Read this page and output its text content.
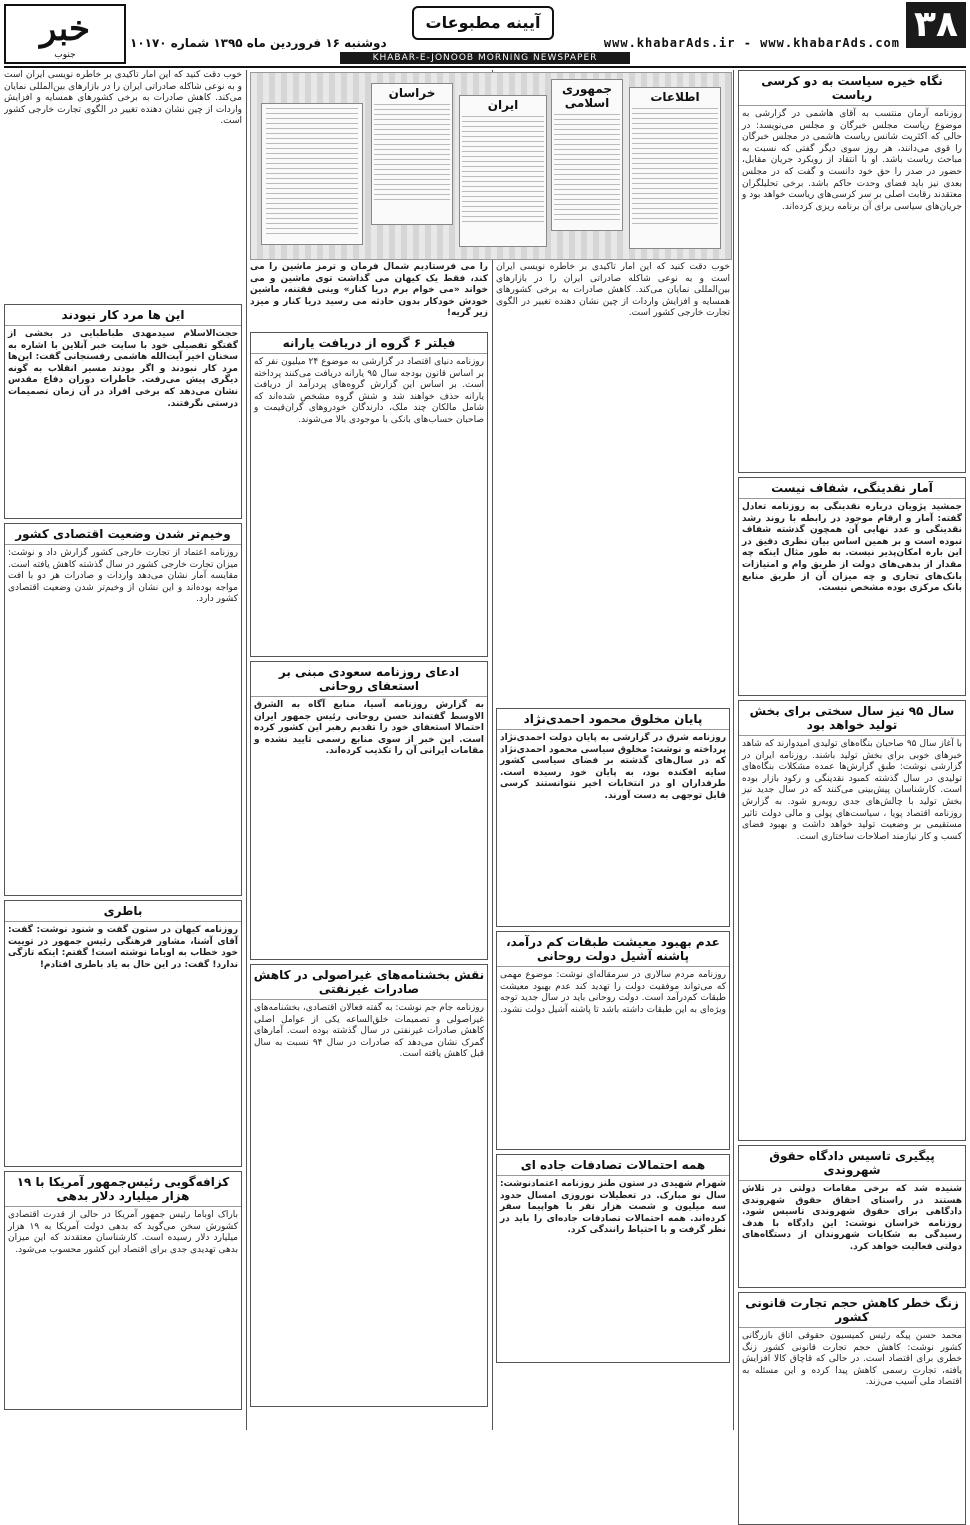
۳۸
www.khabarAds.ir - www.khabarAds.com
آیینه مطبوعات
دوشنبه ۱۶ فروردین ماه ۱۳۹۵ شماره ۱۰۱۷۰
خبر
جنوب	KHABAR-E-JONOOB MORNING NEWSPAPER
نگاه خیره سیاست به دو کرسی ریاست
روزنامه آرمان منتسب به آقای هاشمی در گزارشی به موضوع ریاست مجلس خبرگان و مجلس می‌نویسد: در حالی که اکثریت شانس ریاست هاشمی در مجلس خبرگان را قوی می‌دانند، هر روز سوی دیگر گفتی که نسبت به مباحث ریاست باشد. او با انتقاد از رویکرد جریان مقابل، حضور در صدر را حق خود دانست و گفت که در مجلس بعدی نیز باید فضای وحدت حاکم باشد. برخی تحلیلگران معتقدند رقابت اصلی بر سر کرسی‌های ریاست خواهد بود و جریان‌های سیاسی برای آن برنامه ریزی کرده‌اند.
آمار نقدینگی، شفاف نیست
جمشید پژویان درباره نقدینگی به روزنامه تعادل گفته: آمار و ارقام موجود در رابطه با روند رشد نقدینگی و عدد نهایی آن همچون گذشته شفاف نبوده است و بر همین اساس بیان نظری دقیق در این باره امکان‌پذیر نیست. به طور مثال اینکه چه مقدار از بدهی‌های دولت از طریق وام و امتیازات بانک‌های تجاری و چه میزان آن از طریق منابع بانک مرکزی بوده مشخص نیست.
سال ۹۵ نیز سال سختی برای بخش تولید خواهد بود
با آغاز سال ۹۵ صاحبان بنگاه‌های تولیدی امیدوارند که شاهد خبرهای خوبی برای بخش تولید باشند. روزنامه ایران در گزارشی نوشت: طبق گزارش‌ها عمده مشکلات بنگاه‌های تولیدی در سال گذشته کمبود نقدینگی و رکود بازار بوده است. کارشناسان پیش‌بینی می‌کنند که در سال جدید نیز بخش تولید با چالش‌های جدی روبه‌رو شود. به گزارش روزنامه اقتصاد پویا ، سیاست‌های پولی و مالی دولت تاثیر مستقیمی بر وضعیت تولید خواهد داشت و بهبود فضای کسب و کار نیازمند اصلاحات ساختاری است.
پیگیری تاسیس دادگاه حقوق شهروندی
شنیده شد که برخی مقامات دولتی در تلاش هستند در راستای احقاق حقوق شهروندی دادگاهی برای حقوق شهروندی تاسیس شود. روزنامه خراسان نوشت: این دادگاه با هدف رسیدگی به شکایات شهروندان از دستگاه‌های دولتی فعالیت خواهد کرد.
زنگ خطر کاهش حجم تجارت قانونی کشور
محمد حسن پیگه رئیس کمیسیون حقوقی اتاق بازرگانی کشور نوشت: کاهش حجم تجارت قانونی کشور زنگ خطری برای اقتصاد است. در حالی که قاچاق کالا افزایش یافته، تجارت رسمی کاهش پیدا کرده و این مسئله به اقتصاد ملی آسیب می‌زند.
جمهوری اسلامی	اطلاعات
ایران
خراسان
خوب دقت کنید که این آمار تاکیدی بر خاطره نویسی ایران است و به نوعی شاکله صادراتی ایران را در بازارهای بین‌المللی نمایان می‌کند. کاهش صادرات به برخی کشورهای همسایه و افزایش واردات از چین نشان دهنده تغییر در الگوی تجارت خارجی کشور است.
پایان مخلوق محمود احمدی‌نژاد
روزنامه شرق در گزارشی به پایان دولت احمدی‌نژاد پرداخته و نوشت: مخلوق سیاسی محمود احمدی‌نژاد که در سال‌های گذشته بر فضای سیاسی کشور سایه افکنده بود، به پایان خود رسیده است. طرفداران او در انتخابات اخیر نتوانستند کرسی قابل توجهی به دست آورند.
عدم بهبود معیشت طبقات کم درآمد، پاشنه آشیل دولت روحانی
روزنامه مردم سالاری در سرمقاله‌ای نوشت: موضوع مهمی که می‌تواند موفقیت دولت را تهدید کند عدم بهبود معیشت طبقات کم‌درآمد است. دولت روحانی باید در سال جدید توجه ویژه‌ای به این طبقات داشته باشد تا پاشنه آشیل دولت نشود.
همه احتمالات تصادفات جاده ای
شهرام شهیدی در ستون طنز روزنامه اعتمادنوشت: سال نو مبارک. در تعطیلات نوروزی امسال حدود سه میلیون و شصت هزار نفر با هواپیما سفر کرده‌اند. همه احتمالات تصادفات جاده‌ای را باید در نظر گرفت و با احتیاط رانندگی کرد.
را می فرستادیم شمال فرمان و ترمز ماشین را می کند، فقط یک کیهان می گذاشت توی ماشین و می خواند «می خوام برم دریا کنار» وینی ققتنه، ماشین خودش خودکار بدون حادثه می رسید دریا کنار و میزد زیر گریه!
فیلتر ۶ گروه از دریافت یارانه
روزنامه دنیای اقتصاد در گزارشی به موضوع ۲۴ میلیون نفر که بر اساس قانون بودجه سال ۹۵ یارانه دریافت می‌کنند پرداخته است. بر اساس این گزارش گروه‌های پردرآمد از دریافت یارانه حذف خواهند شد و شش گروه مشخص شده‌اند که شامل مالکان چند ملک، دارندگان خودروهای گران‌قیمت و صاحبان حساب‌های بانکی با موجودی بالا می‌شوند.
ادعای روزنامه سعودی مبنی بر استعفای روحانی
به گزارش روزنامه آسیا، منابع آگاه به الشرق الاوسط گفته‌اند حسن روحانی رئیس جمهور ایران احتمالا استعفای خود را تقدیم رهبر این کشور کرده است. این خبر از سوی منابع رسمی تایید نشده و مقامات ایرانی آن را تکذیب کرده‌اند.
نقش بخشنامه‌های غیراصولی در کاهش صادرات غیرنفتی
روزنامه جام جم نوشت: به گفته فعالان اقتصادی، بخشنامه‌های غیراصولی و تصمیمات خلق‌الساعه یکی از عوامل اصلی کاهش صادرات غیرنفتی در سال گذشته بوده است. آمارهای گمرک نشان می‌دهد که صادرات در سال ۹۴ نسبت به سال قبل کاهش یافته است.
خوب دقت کنید که این آمار تاکیدی بر خاطره نویسی ایران است و به نوعی شاکله صادراتی ایران را در بازارهای بین‌المللی نمایان می‌کند. کاهش صادرات به برخی کشورهای همسایه و افزایش واردات از چین نشان دهنده تغییر در الگوی تجارت خارجی کشور است.
این ها مرد کار نیودند
حجت‌الاسلام سیدمهدی طباطبایی در بخشی از گفتگو تفصیلی خود با سایت خبر آنلاین با اشاره به سخنان اخیر آیت‌الله هاشمی رفسنجانی گفت: این‌ها مرد کار نبودند و اگر بودند مسیر انقلاب به گونه دیگری پیش می‌رفت. خاطرات دوران دفاع مقدس نشان می‌دهد که برخی افراد در آن زمان تصمیمات درستی نگرفتند.
وخیم‌تر شدن وضعیت اقتصادی کشور
روزنامه اعتماد از تجارت خارجی کشور گزارش داد و نوشت: میزان تجارت خارجی کشور در سال گذشته کاهش یافته است. مقایسه آمار نشان می‌دهد واردات و صادرات هر دو با افت مواجه بوده‌اند و این نشان از وخیم‌تر شدن وضعیت اقتصادی کشور دارد.
باطری
روزنامه کیهان در ستون گفت و شنود نوشت: گفت: آقای آشنا، مشاور فرهنگی رئیس جمهور در توییت خود خطاب به اوباما نوشته است! گفتم: اینکه تازگی ندارد! گفت: در این حال به یاد باطری افتادم!
کزافه‌گویی رئیس‌جمهور آمریکا با ۱۹ هزار میلیارد دلار بدهی
باراک اوباما رئیس جمهور آمریکا در حالی از قدرت اقتصادی کشورش سخن می‌گوید که بدهی دولت آمریکا به ۱۹ هزار میلیارد دلار رسیده است. کارشناسان معتقدند که این میزان بدهی تهدیدی جدی برای اقتصاد این کشور محسوب می‌شود.
